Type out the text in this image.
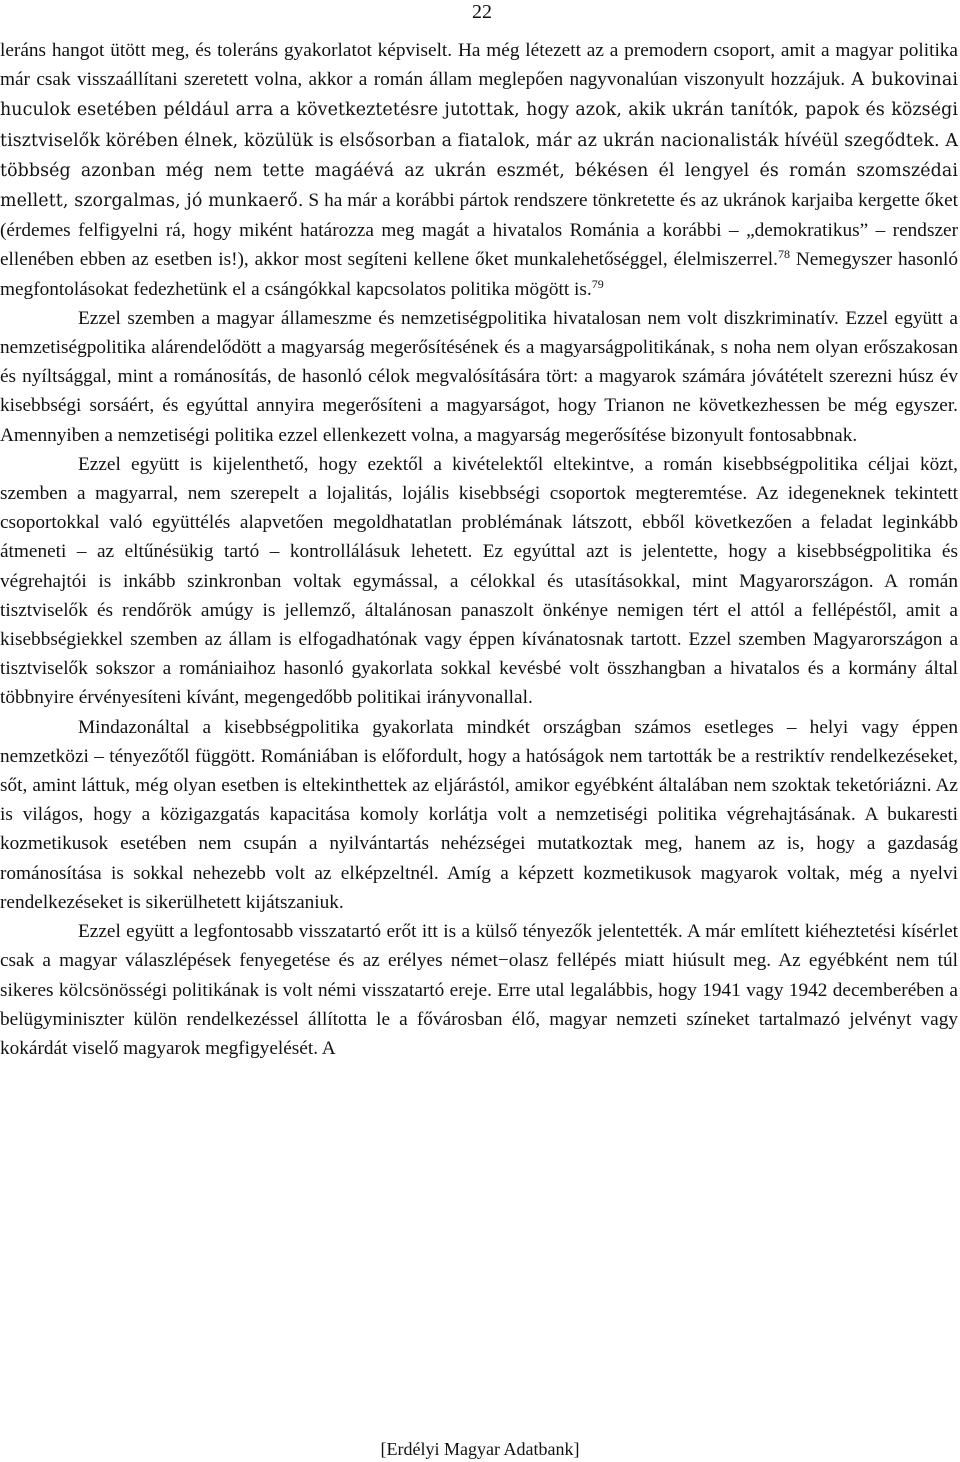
22

leráns hangot ütött meg, és toleráns gyakorlatot képviselt. Ha még létezett az a premodern csoport, amit a magyar politika már csak visszaállítani szeretett volna, akkor a román állam meglepően nagyvonalúan viszonyult hozzájuk. A bukovinai huculok esetében például arra a következtetésre jutottak, hogy azok, akik ukrán tanítók, papok és községi tisztviselők körében élnek, közülük is elsősorban a fiatalok, már az ukrán nacionalisták hívéül szegődtek. A többség azonban még nem tette magáévá az ukrán eszmét, békésen él lengyel és román szomszédai mellett, szorgalmas, jó munkaerő. S ha már a korábbi pártok rendszere tönkretette és az ukránok karjaiba kergette őket (érdemes felfigyelni rá, hogy miként határozza meg magát a hivatalos Románia a korábbi – „demokratikus” – rendszer ellenében ebben az esetben is!), akkor most segíteni kellene őket munkalehetőséggel, élelmiszerrel.$^{78}$ Nemegyszer hasonló megfontolásokat fedezhetünk el a csángókkal kapcsolatos politika mögött is.$^{79}$

Ezzel szemben a magyar állameszme és nemzetiségpolitika hivatalosan nem volt diszkriminatív. Ezzel együtt a nemzetiségpolitika alárendelődött a magyarság megerősítésének és a magyarságpolitikának, s noha nem olyan erőszakosan és nyíltsággal, mint a románosítás, de hasonló célok megvalósítására tört: a magyarok számára jóvátételt szerezni húsz év kisebbségi sorsáért, és egyúttal annyira megerősíteni a magyarságot, hogy Trianon ne következhessen be még egyszer. Amennyiben a nemzetiségi politika ezzel ellenkezett volna, a magyarság megerősítése bizonyult fontosabbnak.

Ezzel együtt is kijelenthető, hogy ezektől a kivételektől eltekintve, a román kisebbségpolitika céljai közt, szemben a magyarral, nem szerepelt a lojalitás, lojális kisebbségi csoportok megteremtése. Az idegeneknek tekintett csoportokkal való együttélés alapvetően megoldhatatlan problémának látszott, ebből következően a feladat leginkább átmeneti – az eltűnésükig tartó – kontrollálásuk lehetett. Ez egyúttal azt is jelentette, hogy a kisebbségpolitika és végrehajtói is inkább szinkronban voltak egymással, a célokkal és utasításokkal, mint Magyarországon. A román tisztviselők és rendőrök amúgy is jellemző, általánosan panaszolt önkénye nemigen tért el attól a fellépéstől, amit a kisebbségiekkel szemben az állam is elfogadhatónak vagy éppen kívánatosnak tartott. Ezzel szemben Magyarországon a tisztviselők sokszor a romániaihoz hasonló gyakorlata sokkal kevésbé volt összhangban a hivatalos és a kormány által többnyire érvényesíteni kívánt, megengedőbb politikai irányvonallal.

Mindazonáltal a kisebbségpolitika gyakorlata mindkét országban számos esetleges – helyi vagy éppen nemzetközi – tényezőtől függött. Romániában is előfordult, hogy a hatóságok nem tartották be a restriktív rendelkezéseket, sőt, amint láttuk, még olyan esetben is eltekinthettek az eljárástól, amikor egyébként általában nem szoktak teketóriázni. Az is világos, hogy a közigazgatás kapacitása komoly korlátja volt a nemzetiségi politika végrehajtásának. A bukaresti kozmetikusok esetében nem csupán a nyilvántartás nehézségei mutatkoztak meg, hanem az is, hogy a gazdaság románosítása is sokkal nehezebb volt az elképzeltnél. Amíg a képzett kozmetikusok magyarok voltak, még a nyelvi rendelkezéseket is sikerülhetett kijátszaniuk.

Ezzel együtt a legfontosabb visszatartó erőt itt is a külső tényezők jelentették. A már említett kiéheztetési kísérlet csak a magyar válaszlépések fenyegetése és az erélyes német−olasz fellépés miatt hiúsult meg. Az egyébként nem túl sikeres kölcsönösségi politikának is volt némi visszatartó ereje. Erre utal legalábbis, hogy 1941 vagy 1942 decemberében a belügyminiszter külön rendelkezéssel állította le a fővárosban élő, magyar nemzeti színeket tartalmazó jelvényt vagy kokárdát viselő magyarok megfigyelését. A

[Erdélyi Magyar Adatbank]
